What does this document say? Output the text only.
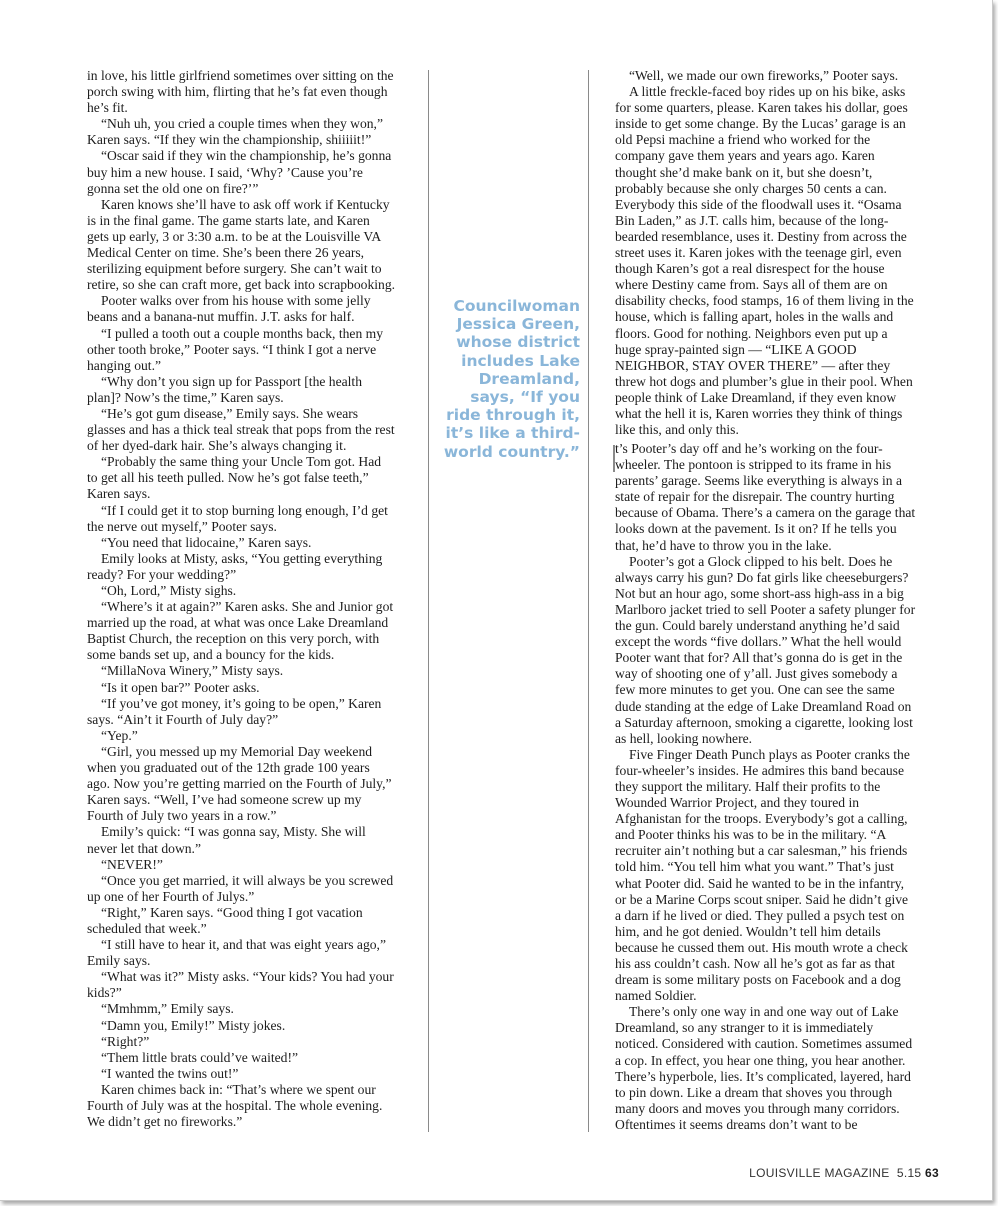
in love, his little girlfriend sometimes over sitting on the porch swing with him, flirting that he’s fat even though he’s fit.

“Nuh uh, you cried a couple times when they won,” Karen says. “If they win the championship, shiiiiit!”

“Oscar said if they win the championship, he’s gonna buy him a new house. I said, ‘Why? ’Cause you’re gonna set the old one on fire?’”

Karen knows she’ll have to ask off work if Kentucky is in the final game. The game starts late, and Karen gets up early, 3 or 3:30 a.m. to be at the Louisville VA Medical Center on time. She’s been there 26 years, sterilizing equipment before surgery. She can’t wait to retire, so she can craft more, get back into scrapbooking.

Pooter walks over from his house with some jelly beans and a banana-nut muffin. J.T. asks for half.

“I pulled a tooth out a couple months back, then my other tooth broke,” Pooter says. “I think I got a nerve hanging out.”

“Why don’t you sign up for Passport [the health plan]? Now’s the time,” Karen says.

“He’s got gum disease,” Emily says. She wears glasses and has a thick teal streak that pops from the rest of her dyed-dark hair. She’s always changing it.

“Probably the same thing your Uncle Tom got. Had to get all his teeth pulled. Now he’s got false teeth,” Karen says.

“If I could get it to stop burning long enough, I’d get the nerve out myself,” Pooter says.

“You need that lidocaine,” Karen says.

Emily looks at Misty, asks, “You getting everything ready? For your wedding?”

“Oh, Lord,” Misty sighs.

“Where’s it at again?” Karen asks. She and Junior got married up the road, at what was once Lake Dreamland Baptist Church, the reception on this very porch, with some bands set up, and a bouncy for the kids.

“MillaNova Winery,” Misty says.

“Is it open bar?” Pooter asks.

“If you’ve got money, it’s going to be open,” Karen says. “Ain’t it Fourth of July day?”

“Yep.”

“Girl, you messed up my Memorial Day weekend when you graduated out of the 12th grade 100 years ago. Now you’re getting married on the Fourth of July,” Karen says. “Well, I’ve had someone screw up my Fourth of July two years in a row.”

Emily’s quick: “I was gonna say, Misty. She will never let that down.”

“NEVER!”

“Once you get married, it will always be you screwed up one of her Fourth of Julys.”

“Right,” Karen says. “Good thing I got vacation scheduled that week.”

“I still have to hear it, and that was eight years ago,” Emily says.

“What was it?” Misty asks. “Your kids? You had your kids?”

“Mmhmm,” Emily says.

“Damn you, Emily!” Misty jokes.

“Right?”

“Them little brats could’ve waited!”

“I wanted the twins out!”

Karen chimes back in: “That’s where we spent our Fourth of July was at the hospital. The whole evening. We didn’t get no fireworks.”

Councilwoman Jessica Green, whose district includes Lake Dreamland, says, “If you ride through it, it’s like a third-world country.”

“Well, we made our own fireworks,” Pooter says.

A little freckle-faced boy rides up on his bike, asks for some quarters, please. Karen takes his dollar, goes inside to get some change. By the Lucas’ garage is an old Pepsi machine a friend who worked for the company gave them years and years ago. Karen thought she’d make bank on it, but she doesn’t, probably because she only charges 50 cents a can. Everybody this side of the floodwall uses it. “Osama Bin Laden,” as J.T. calls him, because of the long-bearded resemblance, uses it. Destiny from across the street uses it. Karen jokes with the teenage girl, even though Karen’s got a real disrespect for the house where Destiny came from. Says all of them are on disability checks, food stamps, 16 of them living in the house, which is falling apart, holes in the walls and floors. Good for nothing. Neighbors even put up a huge spray-painted sign — “LIKE A GOOD NEIGHBOR, STAY OVER THERE” — after they threw hot dogs and plumber’s glue in their pool. When people think of Lake Dreamland, if they even know what the hell it is, Karen worries they think of things like this, and only this.

t’s Pooter’s day off and he’s working on the four-wheeler. The pontoon is stripped to its frame in his parents’ garage. Seems like everything is always in a state of repair for the disrepair. The country hurting because of Obama. There’s a camera on the garage that looks down at the pavement. Is it on? If he tells you that, he’d have to throw you in the lake.

Pooter’s got a Glock clipped to his belt. Does he always carry his gun? Do fat girls like cheeseburgers? Not but an hour ago, some short-ass high-ass in a big Marlboro jacket tried to sell Pooter a safety plunger for the gun. Could barely understand anything he’d said except the words “five dollars.” What the hell would Pooter want that for? All that’s gonna do is get in the way of shooting one of y’all. Just gives somebody a few more minutes to get you. One can see the same dude standing at the edge of Lake Dreamland Road on a Saturday afternoon, smoking a cigarette, looking lost as hell, looking nowhere.

Five Finger Death Punch plays as Pooter cranks the four-wheeler’s insides. He admires this band because they support the military. Half their profits to the Wounded Warrior Project, and they toured in Afghanistan for the troops. Everybody’s got a calling, and Pooter thinks his was to be in the military. “A recruiter ain’t nothing but a car salesman,” his friends told him. “You tell him what you want.” That’s just what Pooter did. Said he wanted to be in the infantry, or be a Marine Corps scout sniper. Said he didn’t give a darn if he lived or died. They pulled a psych test on him, and he got denied. Wouldn’t tell him details because he cussed them out. His mouth wrote a check his ass couldn’t cash. Now all he’s got as far as that dream is some military posts on Facebook and a dog named Soldier.

There’s only one way in and one way out of Lake Dreamland, so any stranger to it is immediately noticed. Considered with caution. Sometimes assumed a cop. In effect, you hear one thing, you hear another. There’s hyperbole, lies. It’s complicated, layered, hard to pin down. Like a dream that shoves you through many doors and moves you through many corridors. Oftentimes it seems dreams don’t want to be

LOUISVILLE MAGAZINE 5.15 63
